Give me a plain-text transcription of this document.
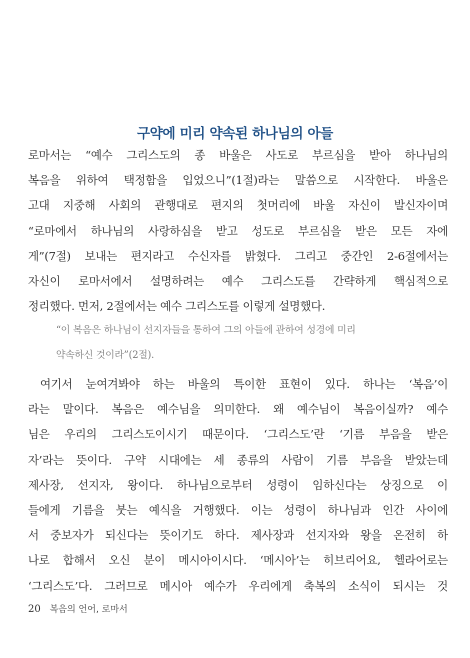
구약에 미리 약속된 하나님의 아들
로마서는 “예수 그리스도의 종 바울은 사도로 부르심을 받아 하나님의
복음을 위하여 택정함을 입었으니”(1절)라는 말씀으로 시작한다. 바울은
고대 지중해 사회의 관행대로 편지의 첫머리에 바울 자신이 발신자이며
“로마에서 하나님의 사랑하심을 받고 성도로 부르심을 받은 모든 자에
게”(7절) 보내는 편지라고 수신자를 밝혔다. 그리고 중간인 2-6절에서는
자신이 로마서에서 설명하려는 예수 그리스도를 간략하게 핵심적으로
정리했다. 먼저, 2절에서는 예수 그리스도를 이렇게 설명했다.
“이 복음은 하나님이 선지자들을 통하여 그의 아들에 관하여 성경에 미리
약속하신 것이라”(2절).
여기서 눈여겨봐야 하는 바울의 특이한 표현이 있다. 하나는 ‘복음’이
라는 말이다. 복음은 예수님을 의미한다. 왜 예수님이 복음이실까? 예수
님은 우리의 그리스도이시기 때문이다. ‘그리스도’란 ‘기름 부음을 받은
자’라는 뜻이다. 구약 시대에는 세 종류의 사람이 기름 부음을 받았는데
제사장, 선지자, 왕이다. 하나님으로부터 성령이 임하신다는 상징으로 이
들에게 기름을 붓는 예식을 거행했다. 이는 성령이 하나님과 인간 사이에
서 중보자가 되신다는 뜻이기도 하다. 제사장과 선지자와 왕을 온전히 하
나로 합해서 오신 분이 메시아이시다. ‘메시아’는 히브리어요, 헬라어로는
‘그리스도’다. 그러므로 메시아 예수가 우리에게 축복의 소식이 되시는 것
20 복음의 언어, 로마서
